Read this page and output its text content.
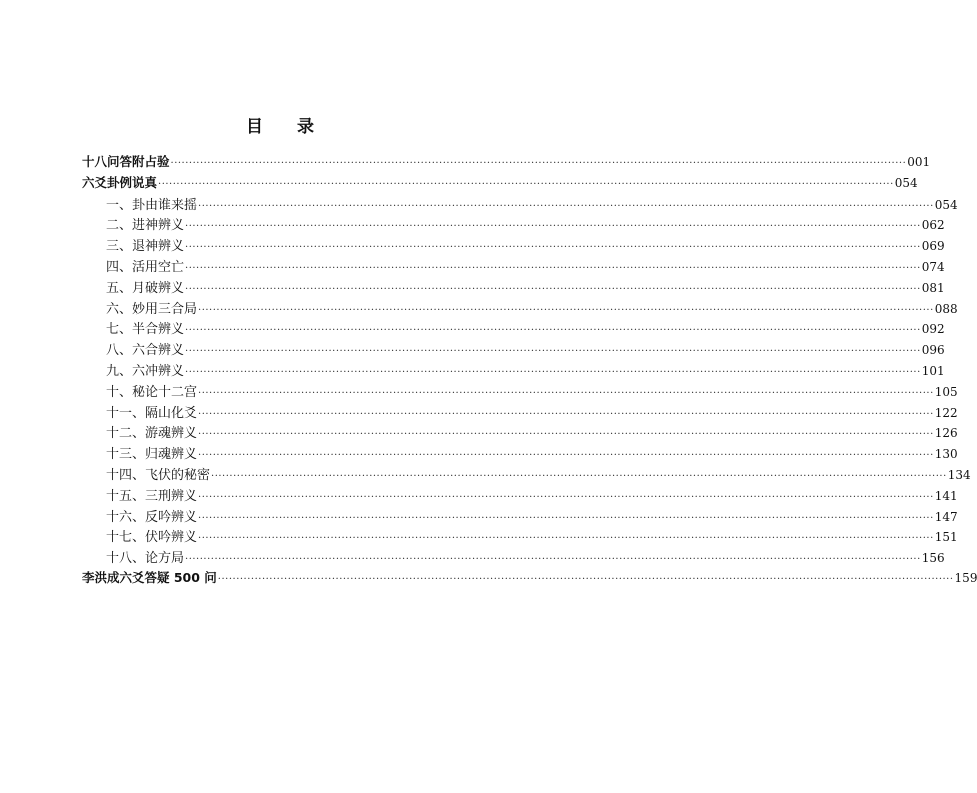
目 录
十八问答附占验 ········································································································································································································ 001
六爻卦例说真 ········································································································································································································ 054
一、卦由谁来摇 ········································································································································································································ 054
二、进神辨义 ········································································································································································································ 062
三、退神辨义 ········································································································································································································ 069
四、活用空亡 ········································································································································································································ 074
五、月破辨义 ········································································································································································································ 081
六、妙用三合局 ········································································································································································································ 088
七、半合辨义 ········································································································································································································ 092
八、六合辨义 ········································································································································································································ 096
九、六冲辨义 ········································································································································································································ 101
十、秘论十二宫 ········································································································································································································ 105
十一、隔山化爻 ········································································································································································································ 122
十二、游魂辨义 ········································································································································································································ 126
十三、归魂辨义 ········································································································································································································ 130
十四、飞伏的秘密 ········································································································································································································ 134
十五、三刑辨义 ········································································································································································································ 141
十六、反吟辨义 ········································································································································································································ 147
十七、伏吟辨义 ········································································································································································································ 151
十八、论方局 ········································································································································································································ 156
李洪成六爻答疑 500 问 ········································································································································································································ 159
